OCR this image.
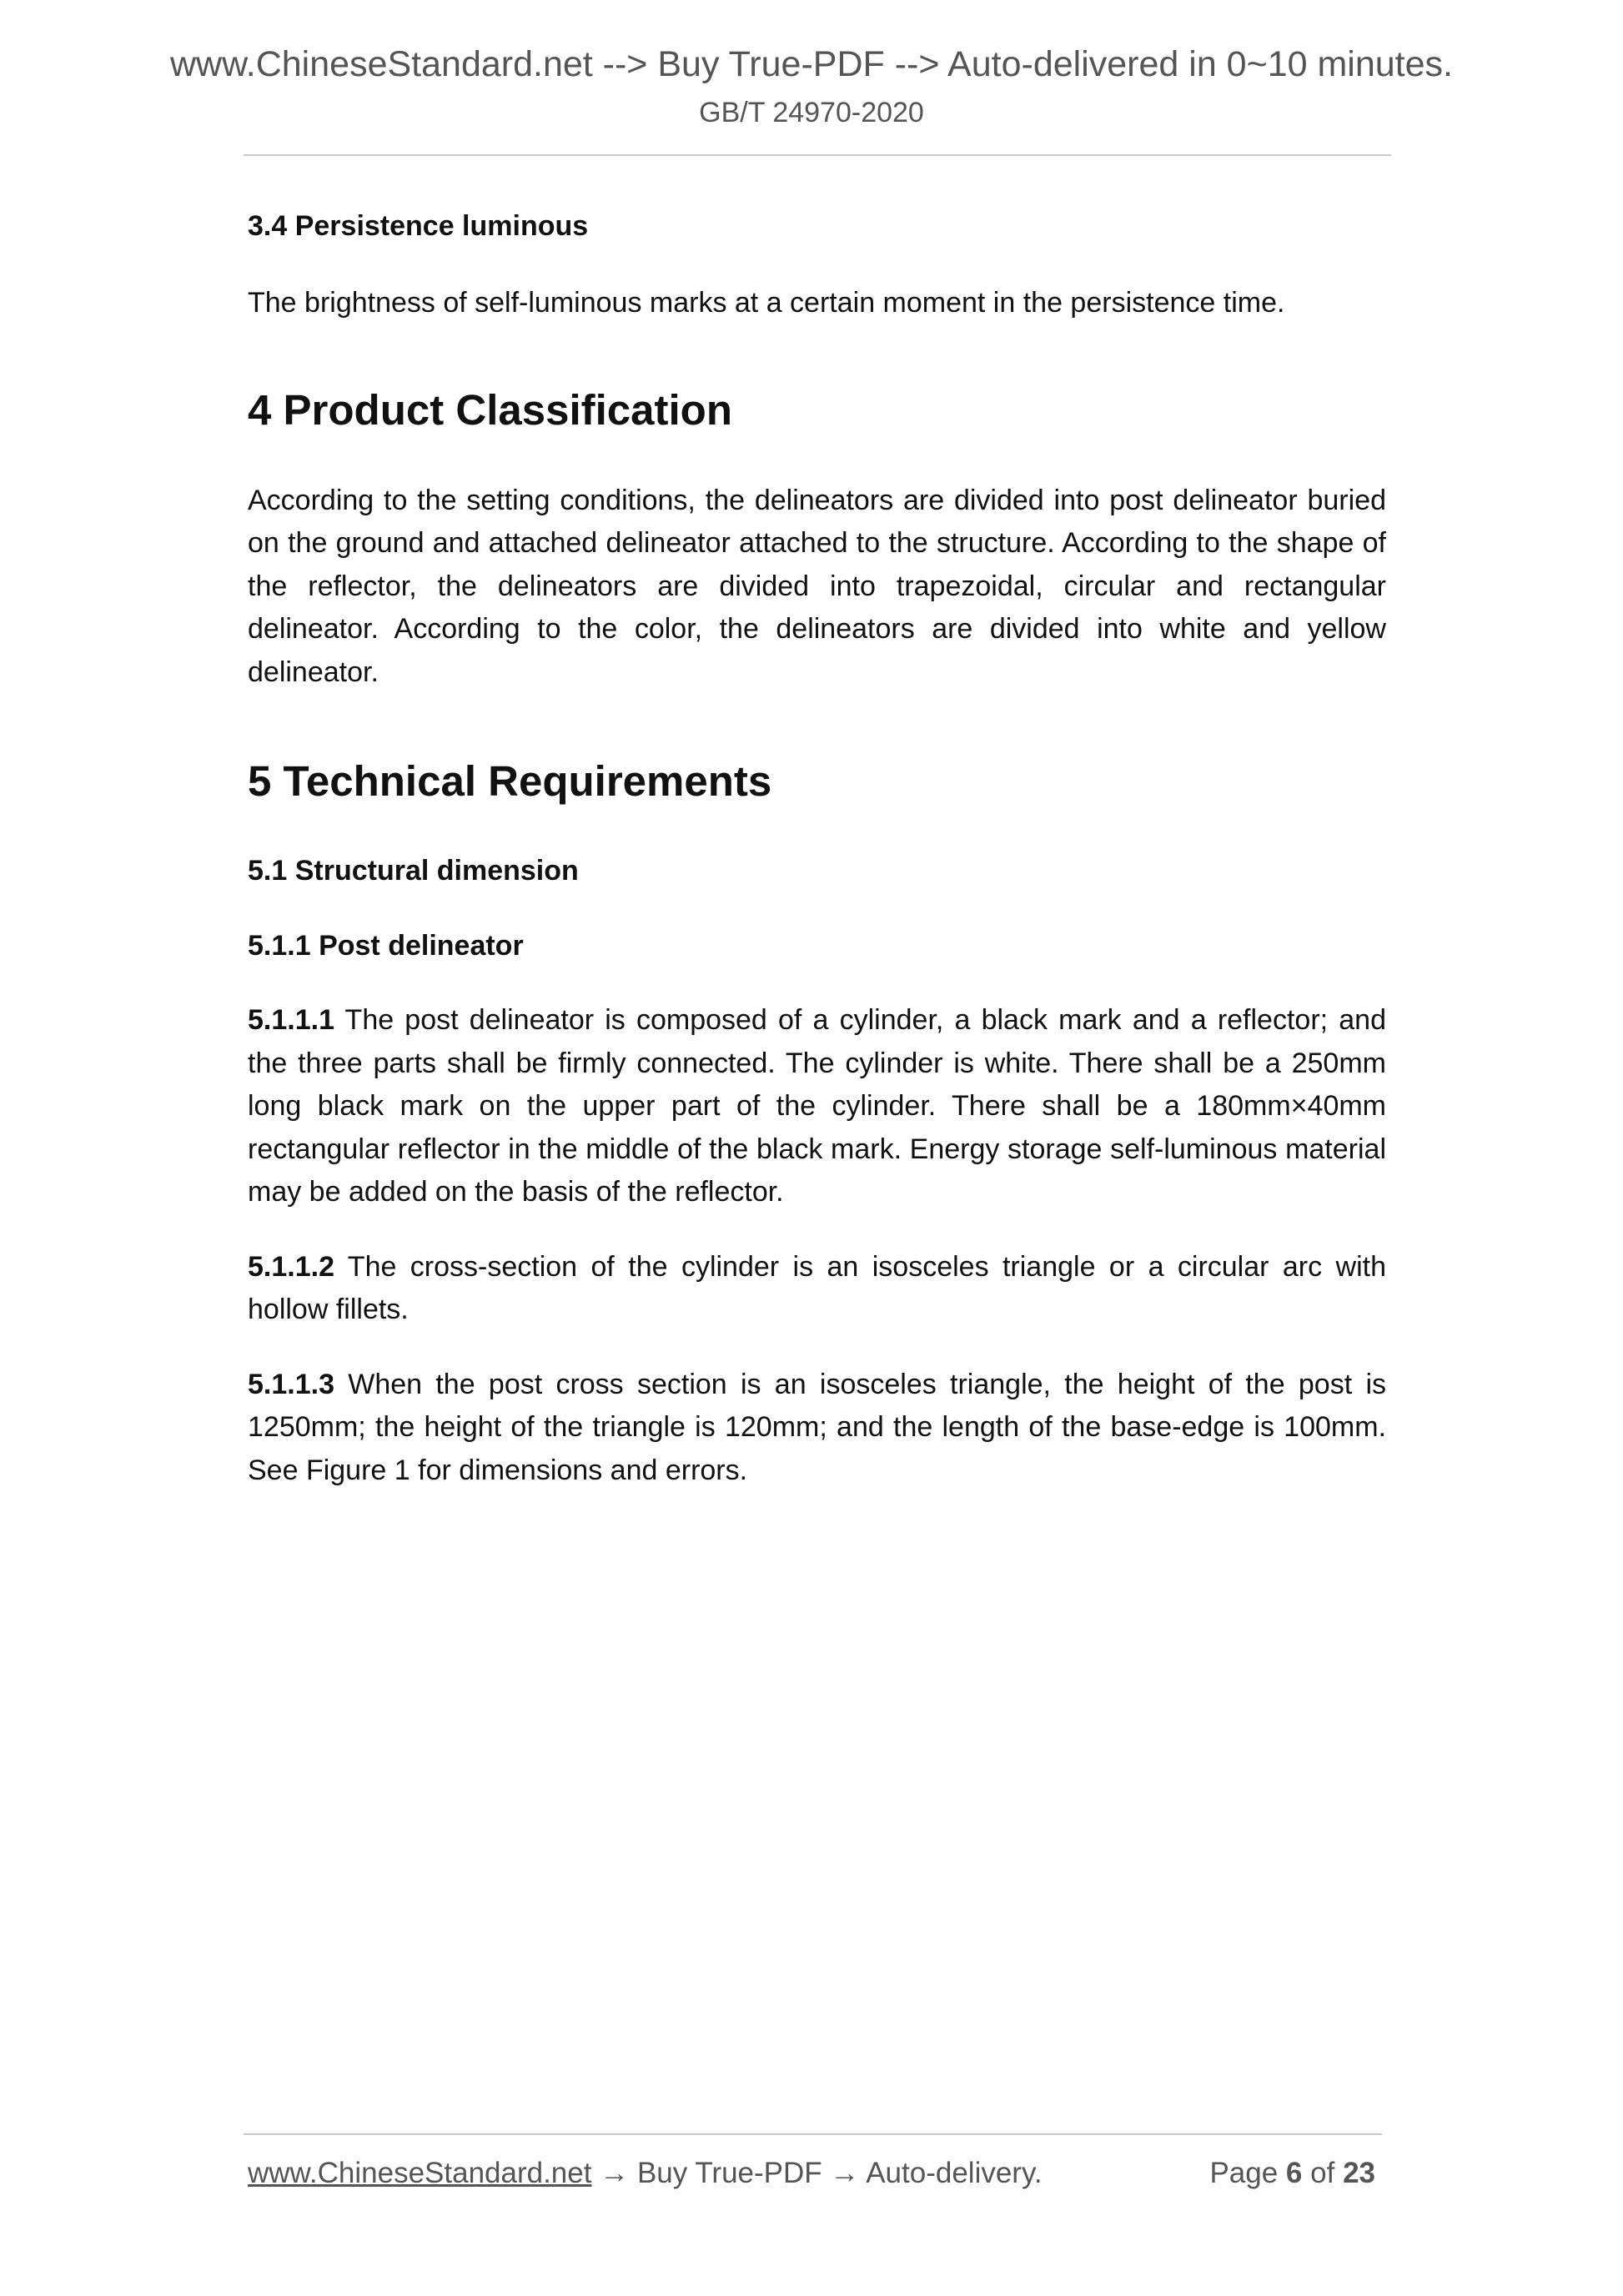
www.ChineseStandard.net --> Buy True-PDF --> Auto-delivered in 0~10 minutes.
GB/T 24970-2020

3.4 Persistence luminous

The brightness of self-luminous marks at a certain moment in the persistence time.

4 Product Classification

According to the setting conditions, the delineators are divided into post delineator buried on the ground and attached delineator attached to the structure. According to the shape of the reflector, the delineators are divided into trapezoidal, circular and rectangular delineator. According to the color, the delineators are divided into white and yellow delineator.

5 Technical Requirements

5.1 Structural dimension

5.1.1 Post delineator

5.1.1.1 The post delineator is composed of a cylinder, a black mark and a reflector; and the three parts shall be firmly connected. The cylinder is white. There shall be a 250mm long black mark on the upper part of the cylinder. There shall be a 180mm×40mm rectangular reflector in the middle of the black mark. Energy storage self-luminous material may be added on the basis of the reflector.

5.1.1.2 The cross-section of the cylinder is an isosceles triangle or a circular arc with hollow fillets.

5.1.1.3 When the post cross section is an isosceles triangle, the height of the post is 1250mm; the height of the triangle is 120mm; and the length of the base-edge is 100mm. See Figure 1 for dimensions and errors.

www.ChineseStandard.net → Buy True-PDF → Auto-delivery.	Page 6 of 23
